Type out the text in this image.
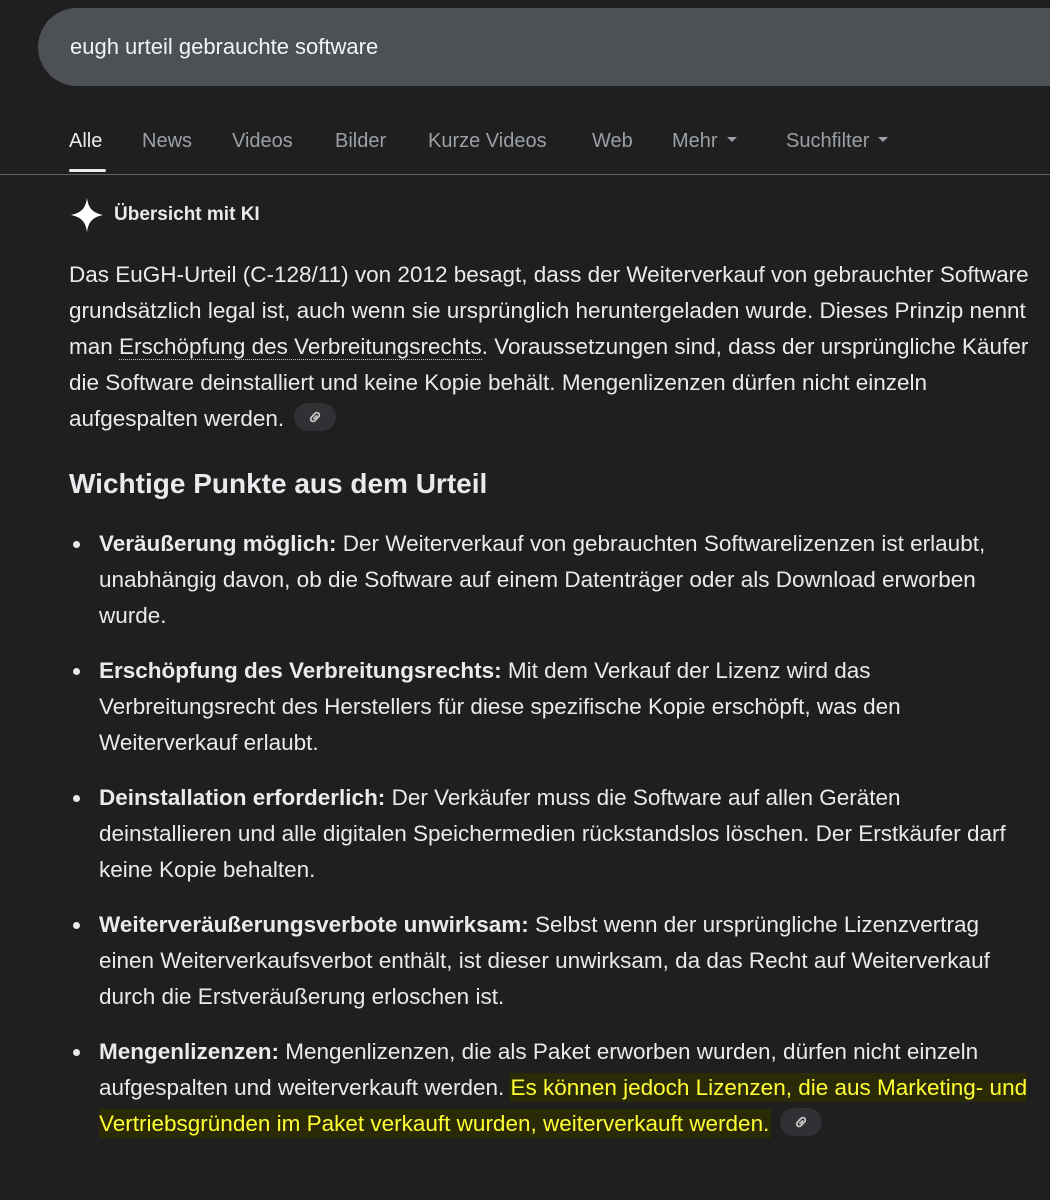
eugh urteil gebrauchte software
Alle News Videos Bilder Kurze Videos Web Mehr	Suchfilter
Übersicht mit KI
Das EuGH-Urteil (C-128/11) von 2012 besagt, dass der Weiterverkauf von gebrauchter Software grundsätzlich legal ist, auch wenn sie ursprünglich heruntergeladen wurde. Dieses Prinzip nennt man Erschöpfung des Verbreitungsrechts. Voraussetzungen sind, dass der ursprüngliche Käufer die Software deinstalliert und keine Kopie behält. Mengenlizenzen dürfen nicht einzeln aufgespalten werden.
Wichtige Punkte aus dem Urteil
Veräußerung möglich: Der Weiterverkauf von gebrauchten Softwarelizenzen ist erlaubt, unabhängig davon, ob die Software auf einem Datenträger oder als Download erworben wurde.
Erschöpfung des Verbreitungsrechts: Mit dem Verkauf der Lizenz wird das Verbreitungsrecht des Herstellers für diese spezifische Kopie erschöpft, was den Weiterverkauf erlaubt.
Deinstallation erforderlich: Der Verkäufer muss die Software auf allen Geräten deinstallieren und alle digitalen Speichermedien rückstandslos löschen. Der Erstkäufer darf keine Kopie behalten.
Weiterveräußerungsverbote unwirksam: Selbst wenn der ursprüngliche Lizenzvertrag einen Weiterverkaufsverbot enthält, ist dieser unwirksam, da das Recht auf Weiterverkauf durch die Erstveräußerung erloschen ist.
Mengenlizenzen: Mengenlizenzen, die als Paket erworben wurden, dürfen nicht einzeln aufgespalten und weiterverkauft werden. Es können jedoch Lizenzen, die aus Marketing- und Vertriebsgründen im Paket verkauft wurden, weiterverkauft werden.
